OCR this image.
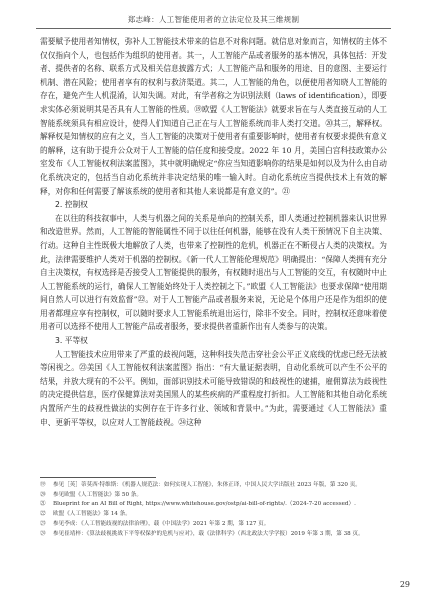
郑志峰：人工智能使用者的立法定位及其三维规制

需要赋予使用者知情权，弥补人工智能技术带来的信息不对称问题。就信息对象而言，知情权的主体不仅仅指向个人，也包括作为组织的使用者。其一，人工智能产品或者服务的基本情况，具体包括：开发者、提供者的名称、联系方式及相关信息披露方式；人工智能产品和服务的用途、目的意图、主要运行机制、潜在风险；使用者享有的权利与救济渠道。其二，人工智能的角色，以便使用者知晓人工智能的存在，避免产生人机混淆，认知失调。对此，有学者称之为识别法则（laws of identification），即要求实体必须说明其是否具有人工智能的性质。⑲欧盟《人工智能法》就要求旨在与人类直接互动的人工智能系统须具有相应设计，使得人们知道自己正在与人工智能系统而非人类打交道。⑳其三，解释权。解释权是知情权的应有之义，当人工智能的决策对于使用者有重要影响时，使用者有权要求提供有意义的解释，这有助于提升公众对于人工智能的信任度和接受度。2022 年 10 月，美国白宫科技政策办公室发布《人工智能权利法案蓝图》，其中就明确规定“你应当知道影响你的结果是如何以及为什么由自动化系统决定的，包括当自动化系统并非决定结果的唯一输入时。自动化系统应当提供技术上有效的解释，对你和任何需要了解该系统的使用者和其他人来说都是有意义的”。㉑

2. 控制权

在以往的科技叙事中，人类与机器之间的关系是单向的控制关系，即人类通过控制机器来认识世界和改造世界。然而，人工智能的智能属性不同于以往任何机器，能够在没有人类干预情况下自主决策、行动。这种自主性既极大地解放了人类，也带来了控制性的危机，机器正在不断侵占人类的决策权。为此，法律需要维护人类对于机器的控制权。《新一代人工智能伦理规范》明确提出：“保障人类拥有充分自主决策权，有权选择是否接受人工智能提供的服务，有权随时退出与人工智能的交互，有权随时中止人工智能系统的运行，确保人工智能始终处于人类控制之下。”欧盟《人工智能法》也要求保障“使用期间自然人可以进行有效监督”㉒。对于人工智能产品或者服务来说，无论是个体用户还是作为组织的使用者都理应享有控制权，可以随时要求人工智能系统退出运行，除非不安全。同时，控制权还意味着使用者可以选择不使用人工智能产品或者服务，要求提供者重新作出有人类参与的决策。

3. 平等权

人工智能技术应用带来了严重的歧视问题，这种科技失范击穿社会公平正义底线的忧虑已经无法被等闲视之。㉓美国《人工智能权利法案蓝图》指出：“有大量证据表明，自动化系统可以产生不公平的结果，并放大现有的不公平。例如，面部识别技术可能导致错误的和歧视性的逮捕，雇佣算法为歧视性的决定提供信息，医疗保健算法对美国黑人的某些疾病的严重程度打折扣。人工智能和其他自动化系统内置所产生的歧视性做法的实例存在于许多行业、领域和背景中。”为此，需要通过《人工智能法》重申、更新平等权，以应对人工智能歧视。㉔这种

⑲	参见［英］蒂莫西·特维斯：《机器人规范法：如何实现人工智能》，朱体正译，中国人民大学出版社 2023 年版，第 320 页。
⑳	参见欧盟《人工智能法》第 50 条。
㉑	Blueprint for an AI Bill of Right, https://www.whitehouse.gov/ostp/ai-bill-of-rights/.（2024-7-20 accessed）.
㉒	欧盟《人工智能法》第 14 条。
㉓	参见李成：《人工智能歧视的法律治理》，载《中国法学》2021 年第 2 期，第 127 页。
㉔	参见崔靖梓：《算法歧视挑战下平等权保护的危机与应对》，载《法律科学》（西北政法大学学报）2019 年第 3 期，第 38 页。
29
